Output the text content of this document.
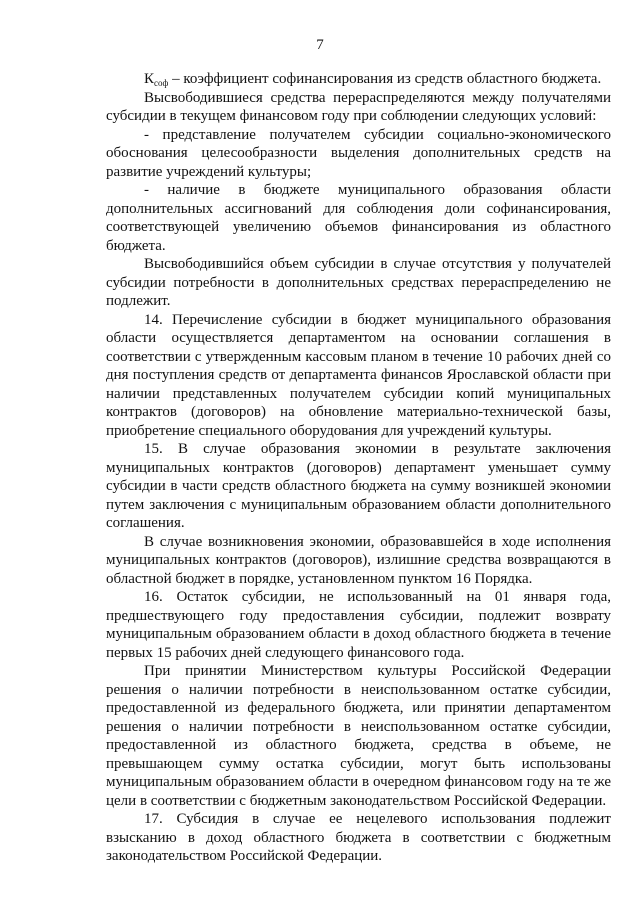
7

$К_{соф}$ – коэффициент софинансирования из средств областного бюджета.

Высвободившиеся средства перераспределяются между получателями субсидии в текущем финансовом году при соблюдении следующих условий:

- представление получателем субсидии социально-экономического обоснования целесообразности выделения дополнительных средств на развитие учреждений культуры;

- наличие в бюджете муниципального образования области дополнительных ассигнований для соблюдения доли софинансирования, соответствующей увеличению объемов финансирования из областного бюджета.

Высвободившийся объем субсидии в случае отсутствия у получателей субсидии потребности в дополнительных средствах перераспределению не подлежит.

14. Перечисление субсидии в бюджет муниципального образования области осуществляется департаментом на основании соглашения в соответствии с утвержденным кассовым планом в течение 10 рабочих дней со дня поступления средств от департамента финансов Ярославской области при наличии представленных получателем субсидии копий муниципальных контрактов (договоров) на обновление материально-технической базы, приобретение специального оборудования для учреждений культуры.

15. В случае образования экономии в результате заключения муниципальных контрактов (договоров) департамент уменьшает сумму субсидии в части средств областного бюджета на сумму возникшей экономии путем заключения с муниципальным образованием области дополнительного соглашения.

В случае возникновения экономии, образовавшейся в ходе исполнения муниципальных контрактов (договоров), излишние средства возвращаются в областной бюджет в порядке, установленном пунктом 16 Порядка.

16. Остаток субсидии, не использованный на 01 января года, предшествующего году предоставления субсидии, подлежит возврату муниципальным образованием области в доход областного бюджета в течение первых 15 рабочих дней следующего финансового года.

При принятии Министерством культуры Российской Федерации решения о наличии потребности в неиспользованном остатке субсидии, предоставленной из федерального бюджета, или принятии департаментом решения о наличии потребности в неиспользованном остатке субсидии, предоставленной из областного бюджета, средства в объеме, не превышающем сумму остатка субсидии, могут быть использованы муниципальным образованием области в очередном финансовом году на те же цели в соответствии с бюджетным законодательством Российской Федерации.

17. Субсидия в случае ее нецелевого использования подлежит взысканию в доход областного бюджета в соответствии с бюджетным законодательством Российской Федерации.
